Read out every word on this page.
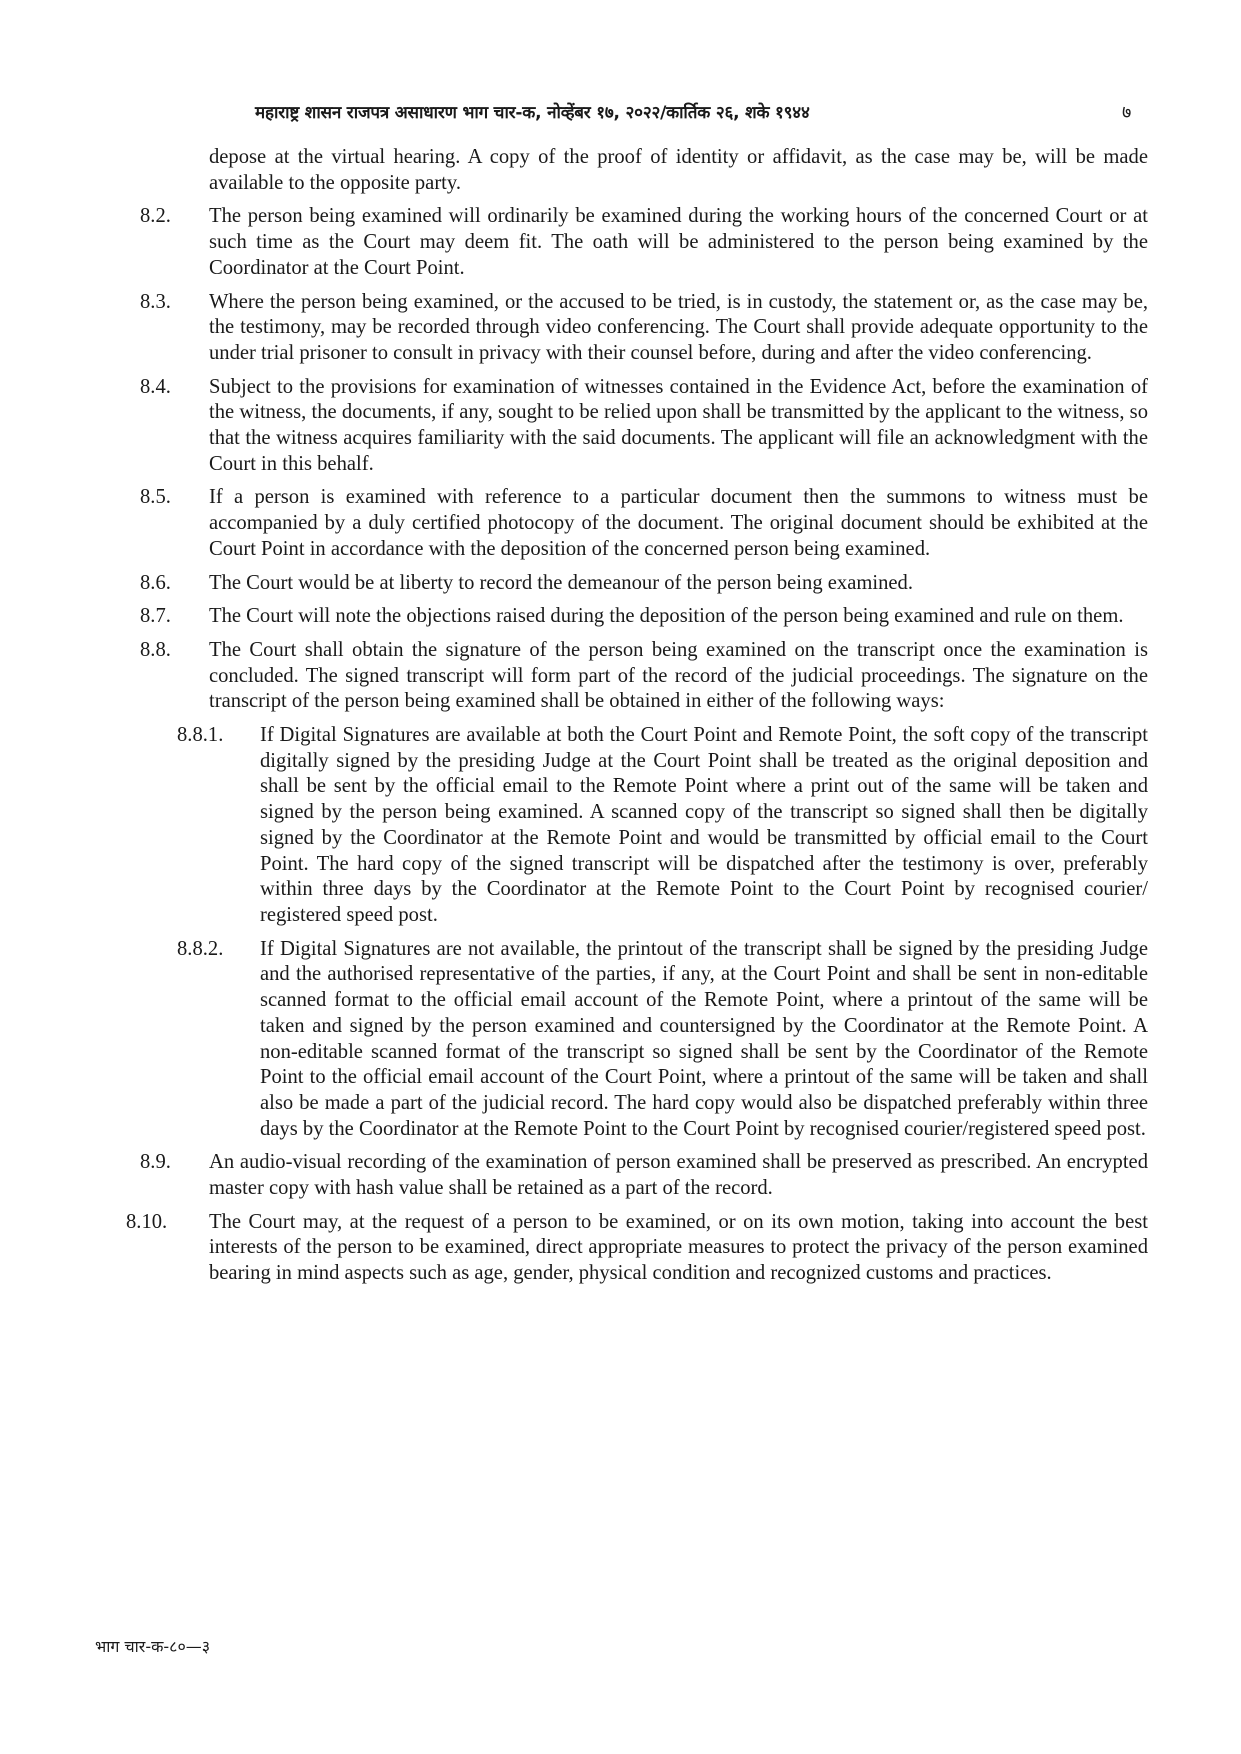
महाराष्ट्र शासन राजपत्र असाधारण भाग चार-क, नोव्हेंबर १७, २०२२/कार्तिक २६, शके १९४४	७
depose at the virtual hearing. A copy of the proof of identity or affidavit, as the case may be, will be made available to the opposite party.
8.2.	The person being examined will ordinarily be examined during the working hours of the concerned Court or at such time as the Court may deem fit. The oath will be administered to the person being examined by the Coordinator at the Court Point.
8.3.	Where the person being examined, or the accused to be tried, is in custody, the statement or, as the case may be, the testimony, may be recorded through video conferencing. The Court shall provide adequate opportunity to the under trial prisoner to consult in privacy with their counsel before, during and after the video conferencing.
8.4.	Subject to the provisions for examination of witnesses contained in the Evidence Act, before the examination of the witness, the documents, if any, sought to be relied upon shall be transmitted by the applicant to the witness, so that the witness acquires familiarity with the said documents. The applicant will file an acknowledgment with the Court in this behalf.
8.5.	If a person is examined with reference to a particular document then the summons to witness must be accompanied by a duly certified photocopy of the document. The original document should be exhibited at the Court Point in accordance with the deposition of the concerned person being examined.
8.6.	The Court would be at liberty to record the demeanour of the person being examined.
8.7.	The Court will note the objections raised during the deposition of the person being examined and rule on them.
8.8.	The Court shall obtain the signature of the person being examined on the transcript once the examination is concluded. The signed transcript will form part of the record of the judicial proceedings. The signature on the transcript of the person being examined shall be obtained in either of the following ways:
8.8.1.	If Digital Signatures are available at both the Court Point and Remote Point, the soft copy of the transcript digitally signed by the presiding Judge at the Court Point shall be treated as the original deposition and shall be sent by the official email to the Remote Point where a print out of the same will be taken and signed by the person being examined. A scanned copy of the transcript so signed shall then be digitally signed by the Coordinator at the Remote Point and would be transmitted by official email to the Court Point. The hard copy of the signed transcript will be dispatched after the testimony is over, preferably within three days by the Coordinator at the Remote Point to the Court Point by recognised courier/ registered speed post.
8.8.2.	If Digital Signatures are not available, the printout of the transcript shall be signed by the presiding Judge and the authorised representative of the parties, if any, at the Court Point and shall be sent in non-editable scanned format to the official email account of the Remote Point, where a printout of the same will be taken and signed by the person examined and countersigned by the Coordinator at the Remote Point. A non-editable scanned format of the transcript so signed shall be sent by the Coordinator of the Remote Point to the official email account of the Court Point, where a printout of the same will be taken and shall also be made a part of the judicial record. The hard copy would also be dispatched preferably within three days by the Coordinator at the Remote Point to the Court Point by recognised courier/registered speed post.
8.9.	An audio-visual recording of the examination of person examined shall be preserved as prescribed. An encrypted master copy with hash value shall be retained as a part of the record.
8.10.	The Court may, at the request of a person to be examined, or on its own motion, taking into account the best interests of the person to be examined, direct appropriate measures to protect the privacy of the person examined bearing in mind aspects such as age, gender, physical condition and recognized customs and practices.
भाग चार-क-८०—३
